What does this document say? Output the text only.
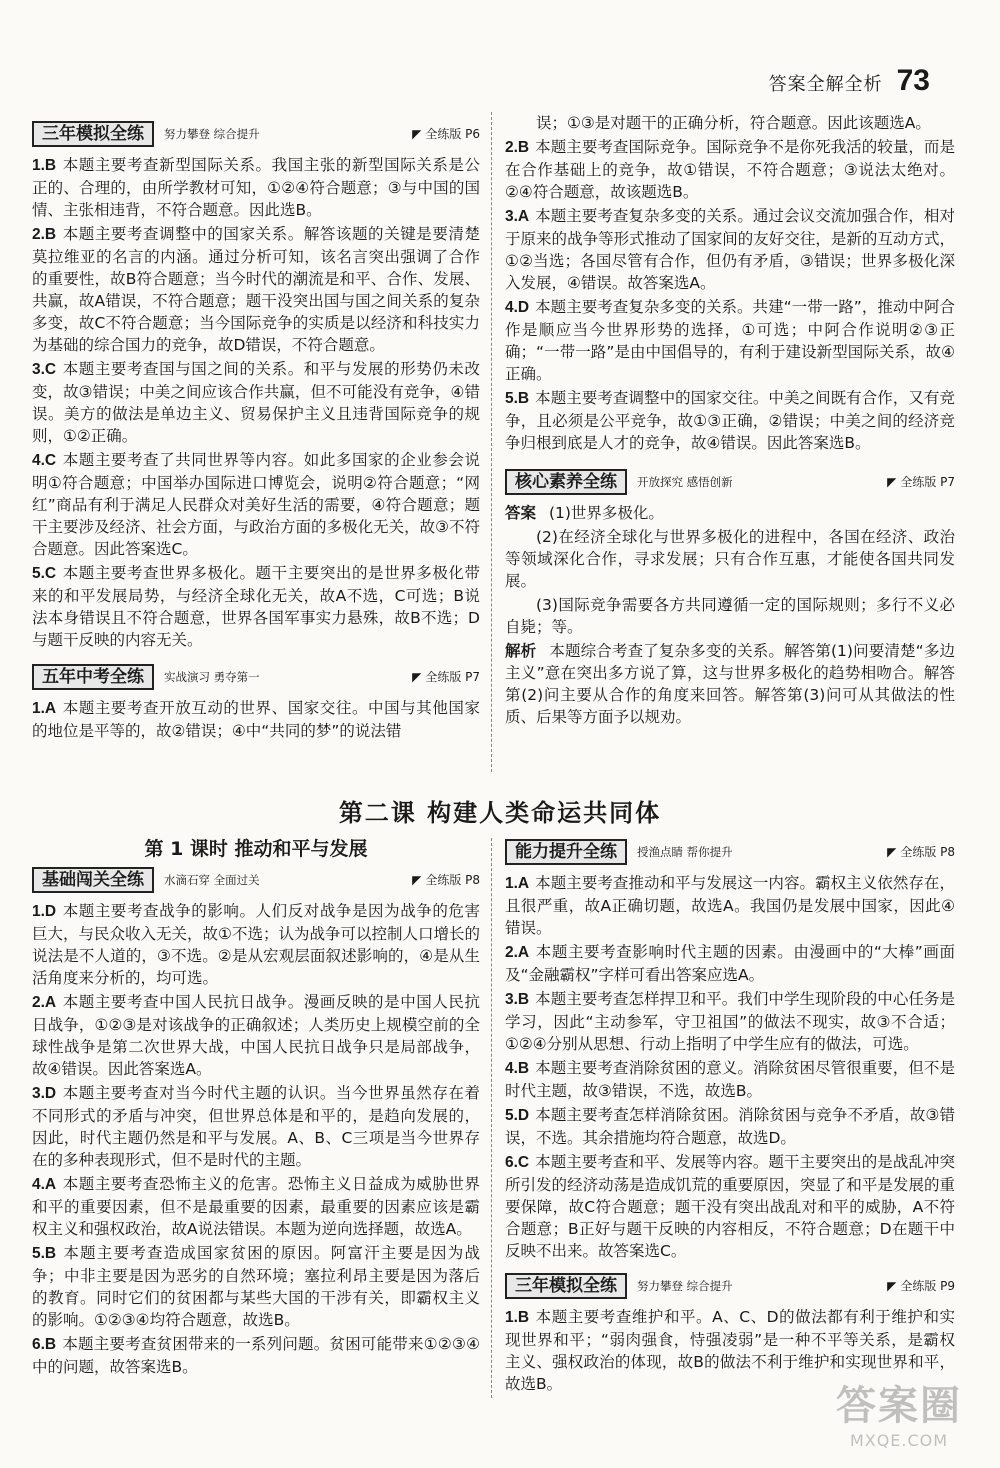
答案全解全析 73
三年模拟全练	努力攀登 综合提升	◤ 全练版 P6

1.B 本题主要考查新型国际关系。我国主张的新型国际关系是公正的、合理的，由所学教材可知，①②④符合题意；③与中国的国情、主张相违背，不符合题意。因此选B。

2.B 本题主要考查调整中的国家关系。解答该题的关键是要清楚莫拉维亚的名言的内涵。通过分析可知，该名言突出强调了合作的重要性，故B符合题意；当今时代的潮流是和平、合作、发展、共赢，故A错误，不符合题意；题干没突出国与国之间关系的复杂多变，故C不符合题意；当今国际竞争的实质是以经济和科技实力为基础的综合国力的竞争，故D错误，不符合题意。

3.C 本题主要考查国与国之间的关系。和平与发展的形势仍未改变，故③错误；中美之间应该合作共赢，但不可能没有竞争，④错误。美方的做法是单边主义、贸易保护主义且违背国际竞争的规则，①②正确。

4.C 本题主要考查了共同世界等内容。如此多国家的企业参会说明①符合题意；中国举办国际进口博览会，说明②符合题意；“网红”商品有利于满足人民群众对美好生活的需要，④符合题意；题干主要涉及经济、社会方面，与政治方面的多极化无关，故③不符合题意。因此答案选C。

5.C 本题主要考查世界多极化。题干主要突出的是世界多极化带来的和平发展局势，与经济全球化无关，故A不选，C可选；B说法本身错误且不符合题意，世界各国军事实力悬殊，故B不选；D与题干反映的内容无关。

五年中考全练	实战演习 勇夺第一	◤ 全练版 P7

1.A 本题主要考查开放互动的世界、国家交往。中国与其他国家的地位是平等的，故②错误；④中“共同的梦”的说法错

误；①③是对题干的正确分析，符合题意。因此该题选A。

2.B 本题主要考查国际竞争。国际竞争不是你死我活的较量，而是在合作基础上的竞争，故①错误，不符合题意；③说法太绝对。②④符合题意，故该题选B。

3.A 本题主要考查复杂多变的关系。通过会议交流加强合作，相对于原来的战争等形式推动了国家间的友好交往，是新的互动方式，①②当选；各国尽管有合作，但仍有矛盾，③错误；世界多极化深入发展，④错误。故答案选A。

4.D 本题主要考查复杂多变的关系。共建“一带一路”，推动中阿合作是顺应当今世界形势的选择，①可选；中阿合作说明②③正确；“一带一路”是由中国倡导的，有利于建设新型国际关系，故④正确。

5.B 本题主要考查调整中的国家交往。中美之间既有合作，又有竞争，且必须是公平竞争，故①③正确，②错误；中美之间的经济竞争归根到底是人才的竞争，故④错误。因此答案选B。

核心素养全练	开放探究 感悟创新	◤ 全练版 P7

答案 (1)世界多极化。

(2)在经济全球化与世界多极化的进程中，各国在经济、政治等领域深化合作，寻求发展；只有合作互惠，才能使各国共同发展。

(3)国际竞争需要各方共同遵循一定的国际规则；多行不义必自毙；等。

解析 本题综合考查了复杂多变的关系。解答第(1)问要清楚“多边主义”意在突出多方说了算，这与世界多极化的趋势相吻合。解答第(2)问主要从合作的角度来回答。解答第(3)问可从其做法的性质、后果等方面予以规劝。

第二课 构建人类命运共同体
第 1 课时 推动和平与发展
基础闯关全练	水滴石穿 全面过关	◤ 全练版 P8

1.D 本题主要考查战争的影响。人们反对战争是因为战争的危害巨大，与民众收入无关，故①不选；认为战争可以控制人口增长的说法是不人道的，③不选。②是从宏观层面叙述影响的，④是从生活角度来分析的，均可选。

2.A 本题主要考查中国人民抗日战争。漫画反映的是中国人民抗日战争，①②③是对该战争的正确叙述；人类历史上规模空前的全球性战争是第二次世界大战，中国人民抗日战争只是局部战争，故④错误。因此答案选A。

3.D 本题主要考查对当今时代主题的认识。当今世界虽然存在着不同形式的矛盾与冲突，但世界总体是和平的，是趋向发展的，因此，时代主题仍然是和平与发展。A、B、C三项是当今世界存在的多种表现形式，但不是时代的主题。

4.A 本题主要考查恐怖主义的危害。恐怖主义日益成为威胁世界和平的重要因素，但不是最重要的因素，最重要的因素应该是霸权主义和强权政治，故A说法错误。本题为逆向选择题，故选A。

5.B 本题主要考查造成国家贫困的原因。阿富汗主要是因为战争；中非主要是因为恶劣的自然环境；塞拉利昂主要是因为落后的教育。同时它们的贫困都与某些大国的干涉有关，即霸权主义的影响。①②③④均符合题意，故选B。

6.B 本题主要考查贫困带来的一系列问题。贫困可能带来①②③④中的问题，故答案选B。

能力提升全练	授渔点睛 帮你提升	◤ 全练版 P8

1.A 本题主要考查推动和平与发展这一内容。霸权主义依然存在，且很严重，故A正确切题，故选A。我国仍是发展中国家，因此④错误。

2.A 本题主要考查影响时代主题的因素。由漫画中的“大棒”画面及“金融霸权”字样可看出答案应选A。

3.B 本题主要考查怎样捍卫和平。我们中学生现阶段的中心任务是学习，因此“主动参军，守卫祖国”的做法不现实，故③不合适；①②④分别从思想、行动上指明了中学生应有的做法，可选。

4.B 本题主要考查消除贫困的意义。消除贫困尽管很重要，但不是时代主题，故③错误，不选，故选B。

5.D 本题主要考查怎样消除贫困。消除贫困与竞争不矛盾，故③错误，不选。其余措施均符合题意，故选D。

6.C 本题主要考查和平、发展等内容。题干主要突出的是战乱冲突所引发的经济动荡是造成饥荒的重要原因，突显了和平是发展的重要保障，故C符合题意；题干没有突出战乱对和平的威胁，A不符合题意；B正好与题干反映的内容相反，不符合题意；D在题干中反映不出来。故答案选C。

三年模拟全练	努力攀登 综合提升	◤ 全练版 P9

1.B 本题主要考查维护和平。A、C、D的做法都有利于维护和实现世界和平；“弱肉强食，恃强凌弱”是一种不平等关系，是霸权主义、强权政治的体现，故B的做法不利于维护和实现世界和平，故选B。	答案圈
MXQE.COM
